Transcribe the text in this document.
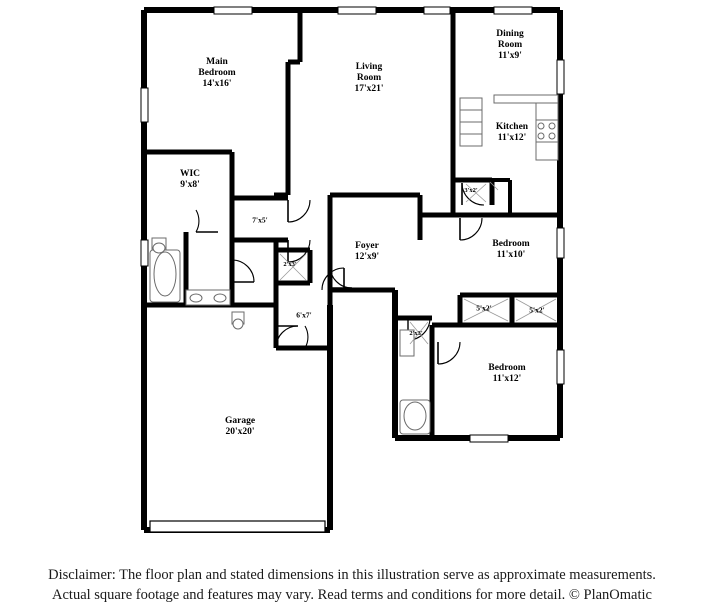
Main
Bedroom
14'x16'
Living
Room
17'x21'
Dining
Room
11'x9'
Kitchen
11'x12'
WIC
9'x8'
Bedroom
11'x10'
Bedroom
11'x12'
Foyer
12'x9'
Garage
20'x20'
7'x5'
3'x2'
2'x3'
6'x7'
5'x2'	5'x2'
2'x3'
Disclaimer: The floor plan and stated dimensions in this illustration serve as approximate measurements.
Actual square footage and features may vary. Read terms and conditions for more detail. © PlanOmatic
